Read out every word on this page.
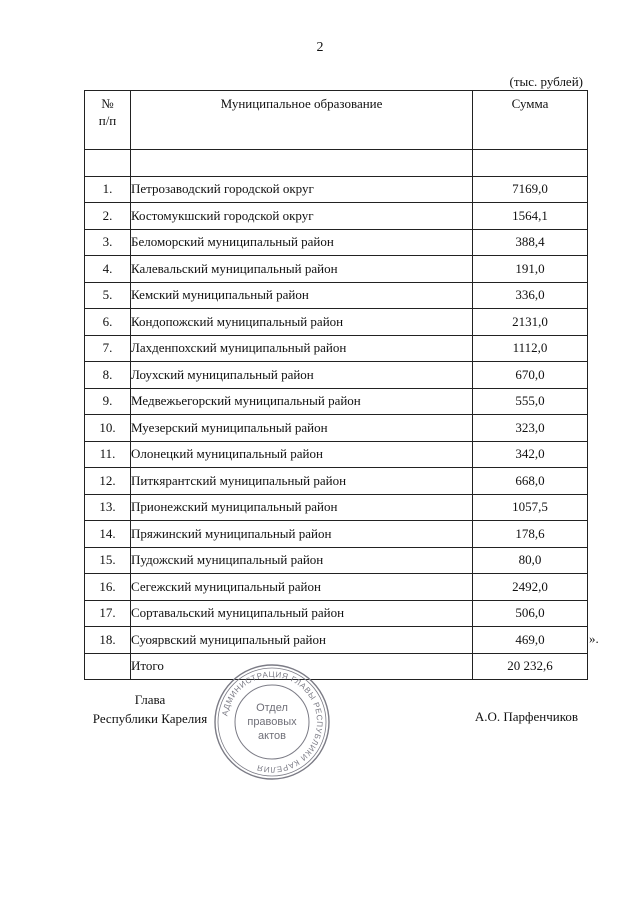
2
(тыс. рублей)
№
п/п	Муниципальное образование	Сумма

1.	Петрозаводский городской округ	7169,0
2.	Костомукшский городской округ	1564,1
3.	Беломорский муниципальный район	388,4
4.	Калевальский муниципальный район	191,0
5.	Кемский муниципальный район	336,0
6.	Кондопожский муниципальный район	2131,0
7.	Лахденпохский муниципальный район	1112,0
8.	Лоухский муниципальный район	670,0
9.	Медвежьегорский муниципальный район	555,0
10.	Муезерский муниципальный район	323,0
11.	Олонецкий муниципальный район	342,0
12.	Питкярантский муниципальный район	668,0
13.	Прионежский муниципальный район	1057,5
14.	Пряжинский муниципальный район	178,6
15.	Пудожский муниципальный район	80,0
16.	Сегежский муниципальный район	2492,0
17.	Сортавальский муниципальный район	506,0
18.	Суоярвский муниципальный район	469,0
	Итого	20 232,6
».
Глава
Республики Карелия	АДМИНИСТРАЦИЯ ГЛАВЫ РЕСПУБЛИКИ КАРЕЛИЯ
Отдел
правовых
актов
А.О. Парфенчиков
